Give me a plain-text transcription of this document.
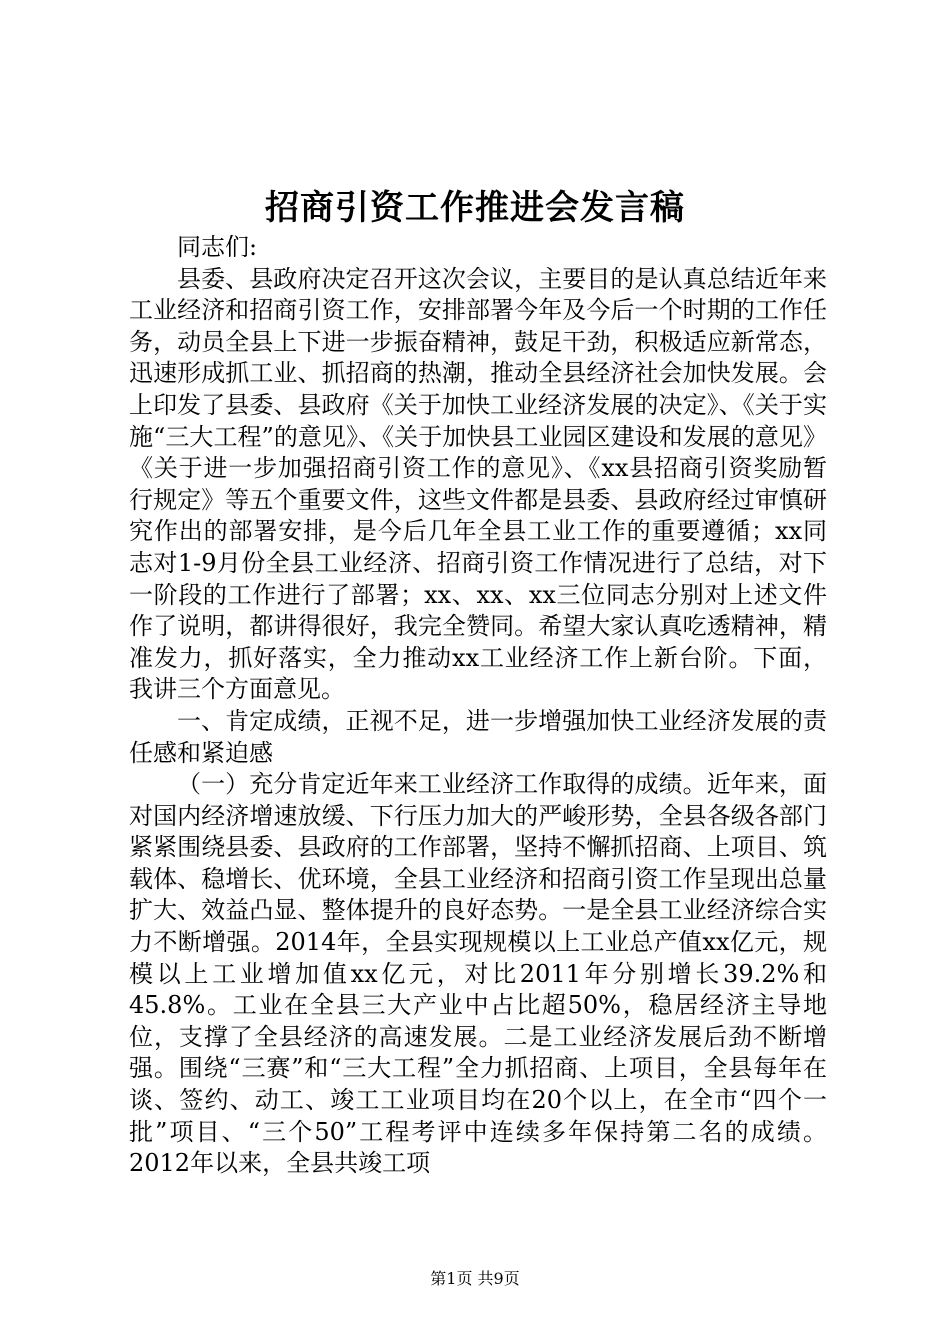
招商引资工作推进会发言稿

同志们:

县委、县政府决定召开这次会议，主要目的是认真总结近年来工业经济和招商引资工作，安排部署今年及今后一个时期的工作任务，动员全县上下进一步振奋精神，鼓足干劲，积极适应新常态，迅速形成抓工业、抓招商的热潮，推动全县经济社会加快发展。会上印发了县委、县政府《关于加快工业经济发展的决定》、《关于实施“三大工程”的意见》、《关于加快县工业园区建设和发展的意见》《关于进一步加强招商引资工作的意见》、《xx县招商引资奖励暂行规定》等五个重要文件，这些文件都是县委、县政府经过审慎研究作出的部署安排，是今后几年全县工业工作的重要遵循；xx同志对1-9月份全县工业经济、招商引资工作情况进行了总结，对下一阶段的工作进行了部署；xx、xx、xx三位同志分别对上述文件作了说明，都讲得很好，我完全赞同。希望大家认真吃透精神，精准发力，抓好落实，全力推动xx工业经济工作上新台阶。下面，我讲三个方面意见。

一、肯定成绩，正视不足，进一步增强加快工业经济发展的责任感和紧迫感

（一）充分肯定近年来工业经济工作取得的成绩。近年来，面对国内经济增速放缓、下行压力加大的严峻形势，全县各级各部门紧紧围绕县委、县政府的工作部署，坚持不懈抓招商、上项目、筑载体、稳增长、优环境，全县工业经济和招商引资工作呈现出总量扩大、效益凸显、整体提升的良好态势。一是全县工业经济综合实力不断增强。2014年，全县实现规模以上工业总产值xx亿元，规模以上工业增加值xx亿元，对比2011年分别增长39.2%和45.8%。工业在全县三大产业中占比超50%，稳居经济主导地位，支撑了全县经济的高速发展。二是工业经济发展后劲不断增强。围绕“三赛”和“三大工程”全力抓招商、上项目，全县每年在谈、签约、动工、竣工工业项目均在20个以上，在全市“四个一批”项目、“三个50”工程考评中连续多年保持第二名的成绩。2012年以来，全县共竣工项

第1页 共9页
